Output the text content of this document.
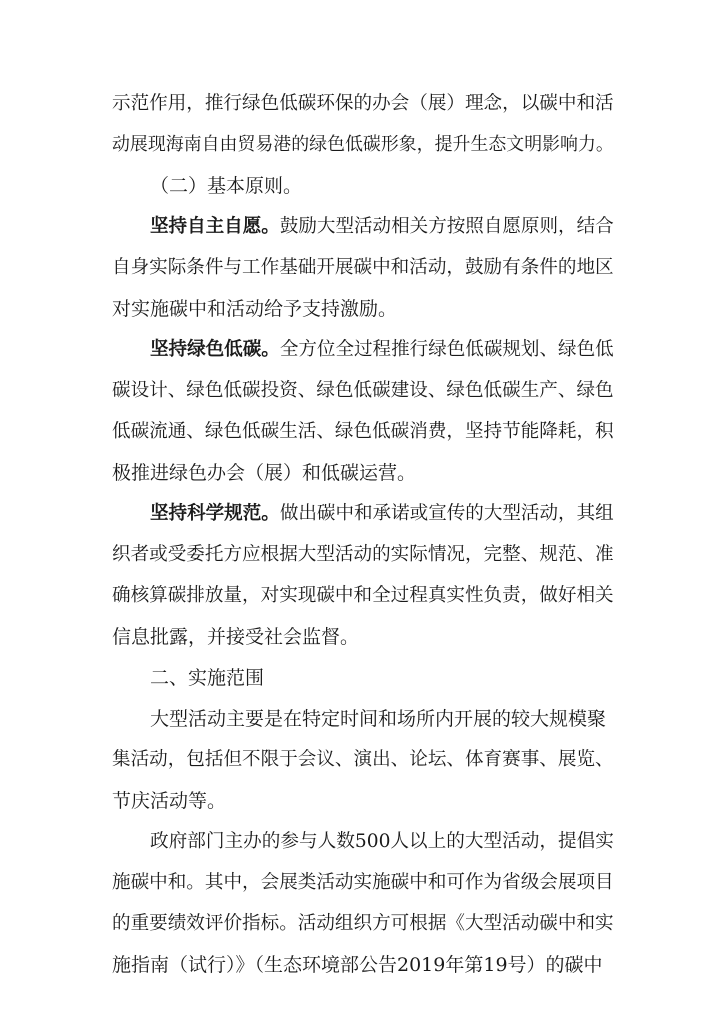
示范作用，推行绿色低碳环保的办会（展）理念，以碳中和活
动展现海南自由贸易港的绿色低碳形象，提升生态文明影响力。
（二）基本原则。
坚持自主自愿。鼓励大型活动相关方按照自愿原则，结合
自身实际条件与工作基础开展碳中和活动，鼓励有条件的地区
对实施碳中和活动给予支持激励。
坚持绿色低碳。全方位全过程推行绿色低碳规划、绿色低
碳设计、绿色低碳投资、绿色低碳建设、绿色低碳生产、绿色
低碳流通、绿色低碳生活、绿色低碳消费，坚持节能降耗，积
极推进绿色办会（展）和低碳运营。
坚持科学规范。做出碳中和承诺或宣传的大型活动，其组
织者或受委托方应根据大型活动的实际情况，完整、规范、准
确核算碳排放量，对实现碳中和全过程真实性负责，做好相关
信息批露，并接受社会监督。
二、实施范围
大型活动主要是在特定时间和场所内开展的较大规模聚
集活动，包括但不限于会议、演出、论坛、体育赛事、展览、
节庆活动等。
政府部门主办的参与人数500人以上的大型活动，提倡实
施碳中和。其中，会展类活动实施碳中和可作为省级会展项目
的重要绩效评价指标。活动组织方可根据《大型活动碳中和实
施指南（试行）》（生态环境部公告2019年第19号）的碳中
